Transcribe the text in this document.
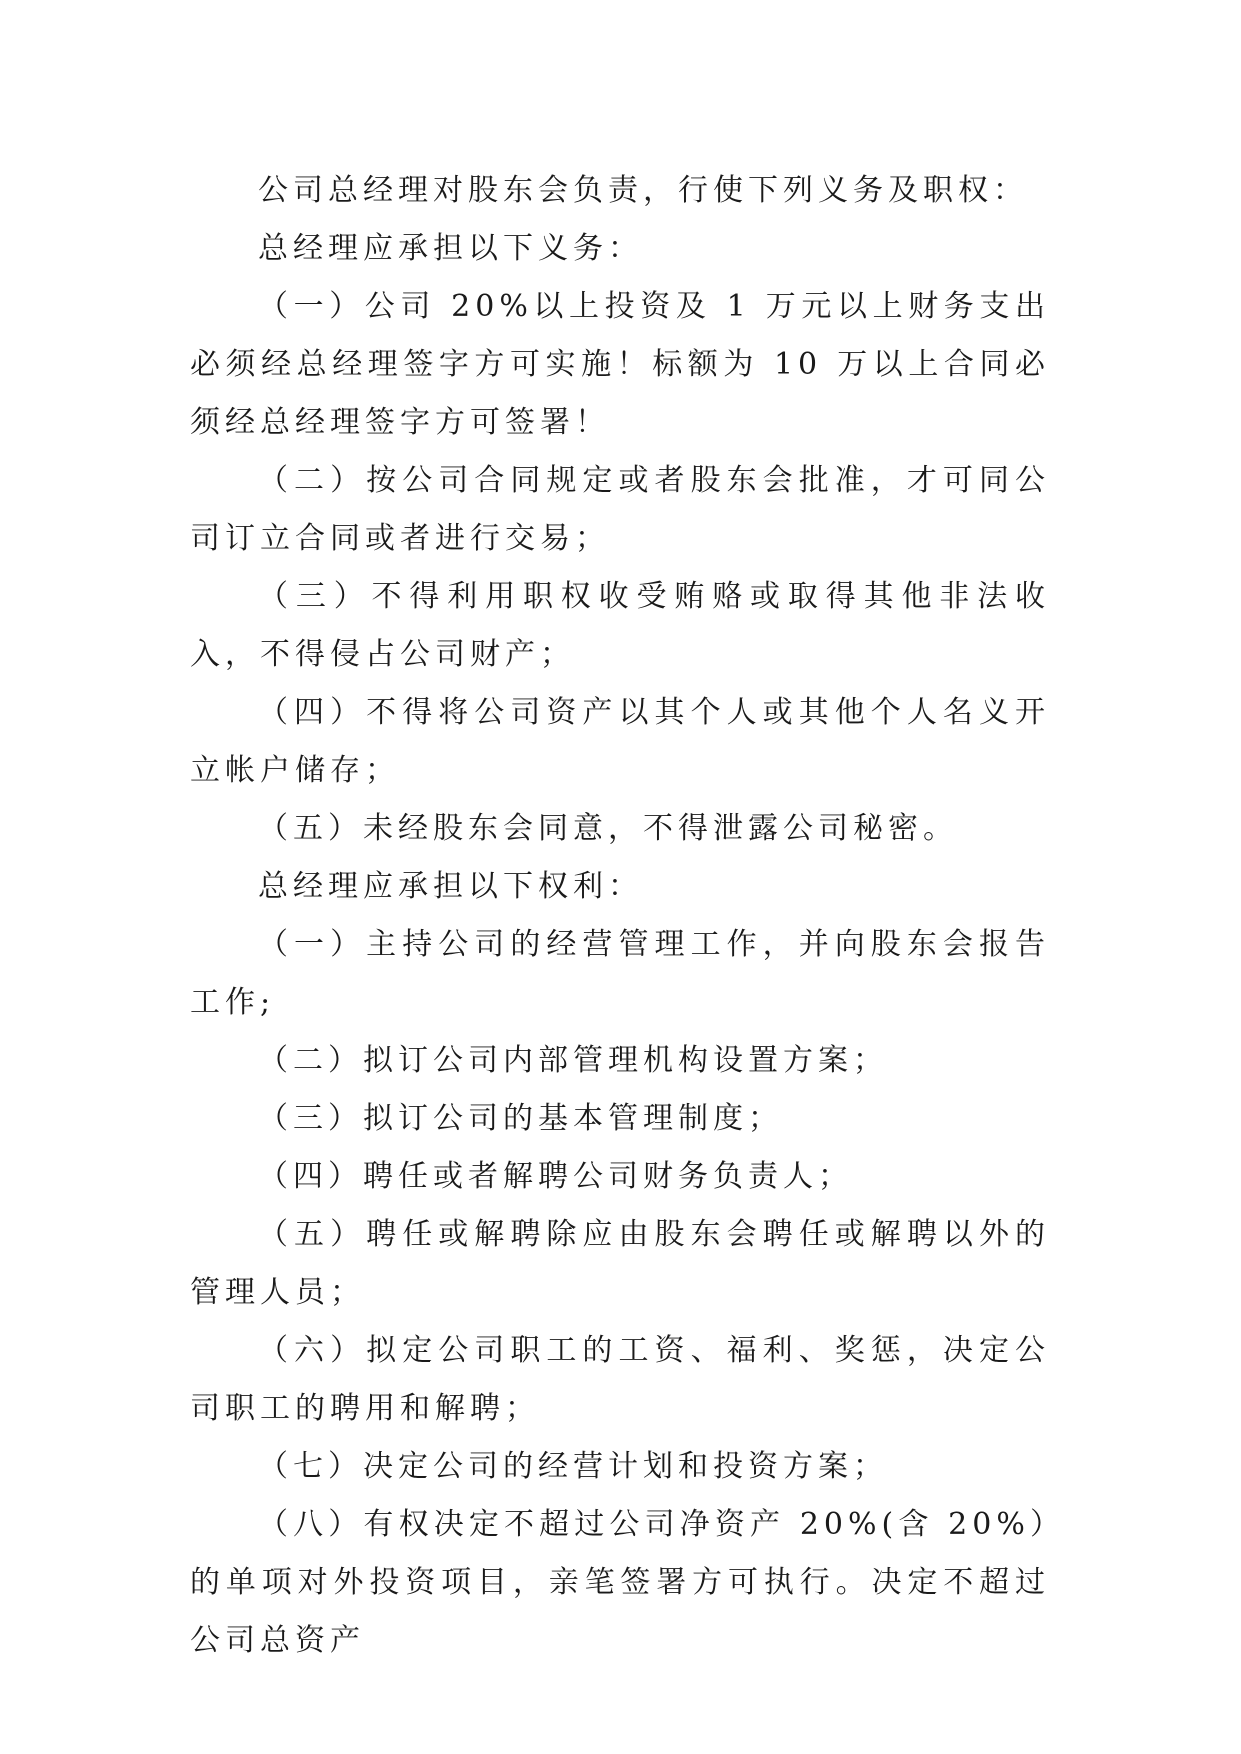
公司总经理对股东会负责，行使下列义务及职权：

总经理应承担以下义务：

（一）公司 20%以上投资及 1 万元以上财务支出必须经总经理签字方可实施！标额为 10 万以上合同必须经总经理签字方可签署！

（二）按公司合同规定或者股东会批准，才可同公司订立合同或者进行交易；

（三）不得利用职权收受贿赂或取得其他非法收入，不得侵占公司财产；

（四）不得将公司资产以其个人或其他个人名义开立帐户储存；

（五）未经股东会同意，不得泄露公司秘密。

总经理应承担以下权利：

（一）主持公司的经营管理工作，并向股东会报告工作;

（二）拟订公司内部管理机构设置方案；

（三）拟订公司的基本管理制度；

（四）聘任或者解聘公司财务负责人；

（五）聘任或解聘除应由股东会聘任或解聘以外的管理人员；

（六）拟定公司职工的工资、福利、奖惩，决定公司职工的聘用和解聘；

（七）决定公司的经营计划和投资方案；

（八）有权决定不超过公司净资产 20%(含 20%）的单项对外投资项目，亲笔签署方可执行。决定不超过公司总资产
